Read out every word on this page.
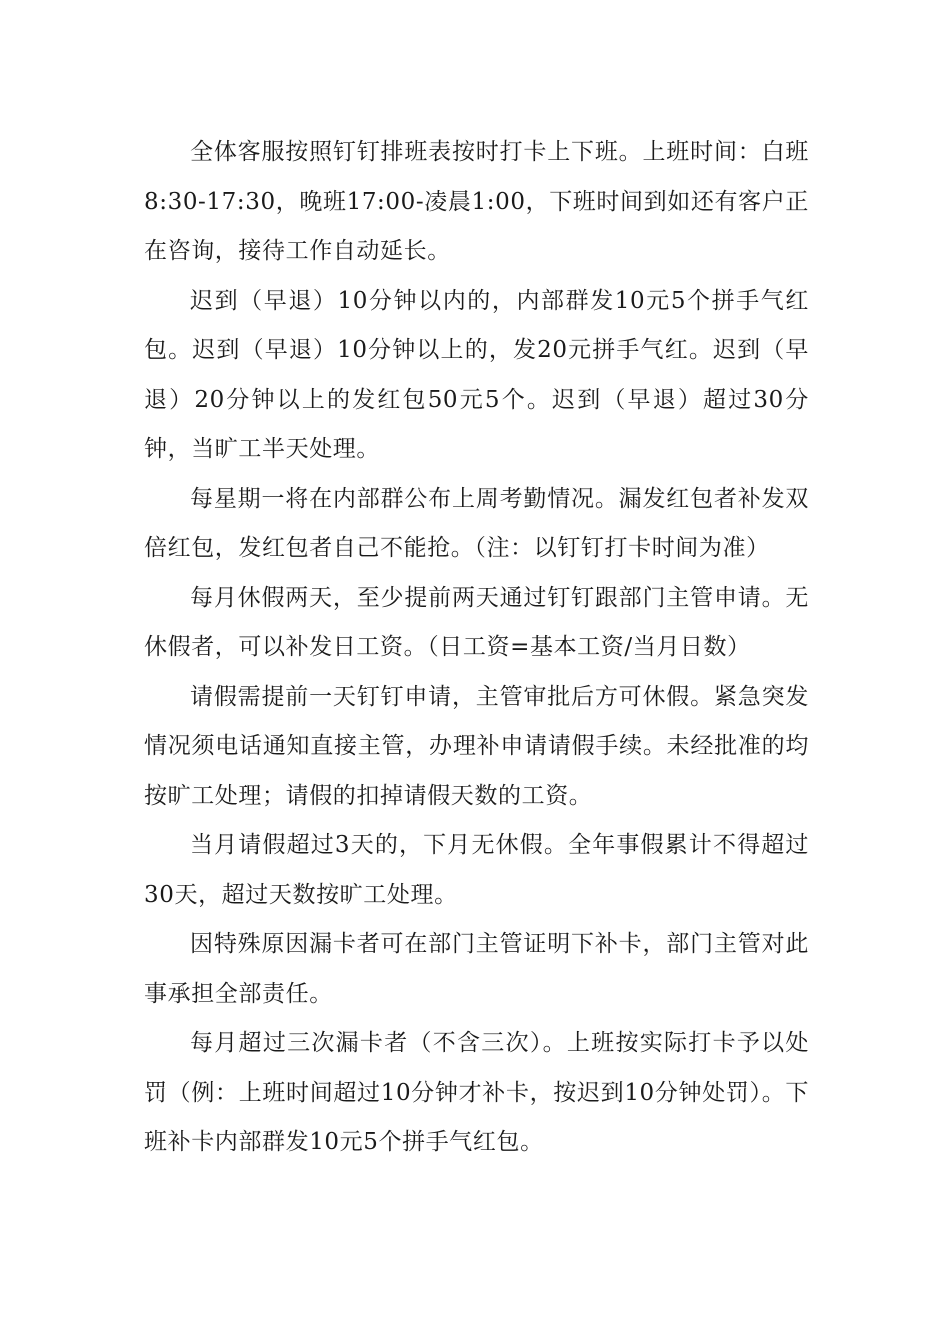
全体客服按照钉钉排班表按时打卡上下班。上班时间：白班8:30-17:30，晚班17:00-凌晨1:00，下班时间到如还有客户正在咨询，接待工作自动延长。

迟到（早退）10分钟以内的，内部群发10元5个拼手气红包。迟到（早退）10分钟以上的，发20元拼手气红。迟到（早退）20分钟以上的发红包50元5个。迟到（早退）超过30分钟，当旷工半天处理。

每星期一将在内部群公布上周考勤情况。漏发红包者补发双倍红包，发红包者自己不能抢。（注：以钉钉打卡时间为准）

每月休假两天，至少提前两天通过钉钉跟部门主管申请。无休假者，可以补发日工资。（日工资=基本工资/当月日数）

请假需提前一天钉钉申请，主管审批后方可休假。紧急突发情况须电话通知直接主管，办理补申请请假手续。未经批准的均按旷工处理；请假的扣掉请假天数的工资。

当月请假超过3天的，下月无休假。全年事假累计不得超过30天，超过天数按旷工处理。

因特殊原因漏卡者可在部门主管证明下补卡，部门主管对此事承担全部责任。

每月超过三次漏卡者（不含三次）。上班按实际打卡予以处罚（例：上班时间超过10分钟才补卡，按迟到10分钟处罚）。下班补卡内部群发10元5个拼手气红包。
